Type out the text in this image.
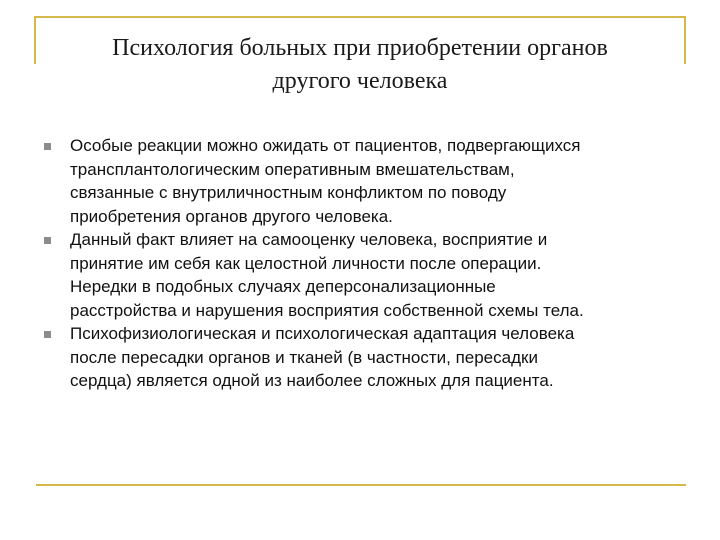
Психология больных при приобретении органов
другого человека
Особые реакции можно ожидать от пациентов, подвергающихся
трансплантологическим оперативным вмешательствам,
связанные с внутриличностным конфликтом по поводу
приобретения органов другого человека.
Данный факт влияет на самооценку человека, восприятие и
принятие им себя как целостной личности после операции.
Нередки в подобных случаях деперсонализационные
расстройства и нарушения восприятия собственной схемы тела.
Психофизиологическая и психологическая адаптация человека
после пересадки органов и тканей (в частности, пересадки
сердца) является одной из наиболее сложных для пациента.
